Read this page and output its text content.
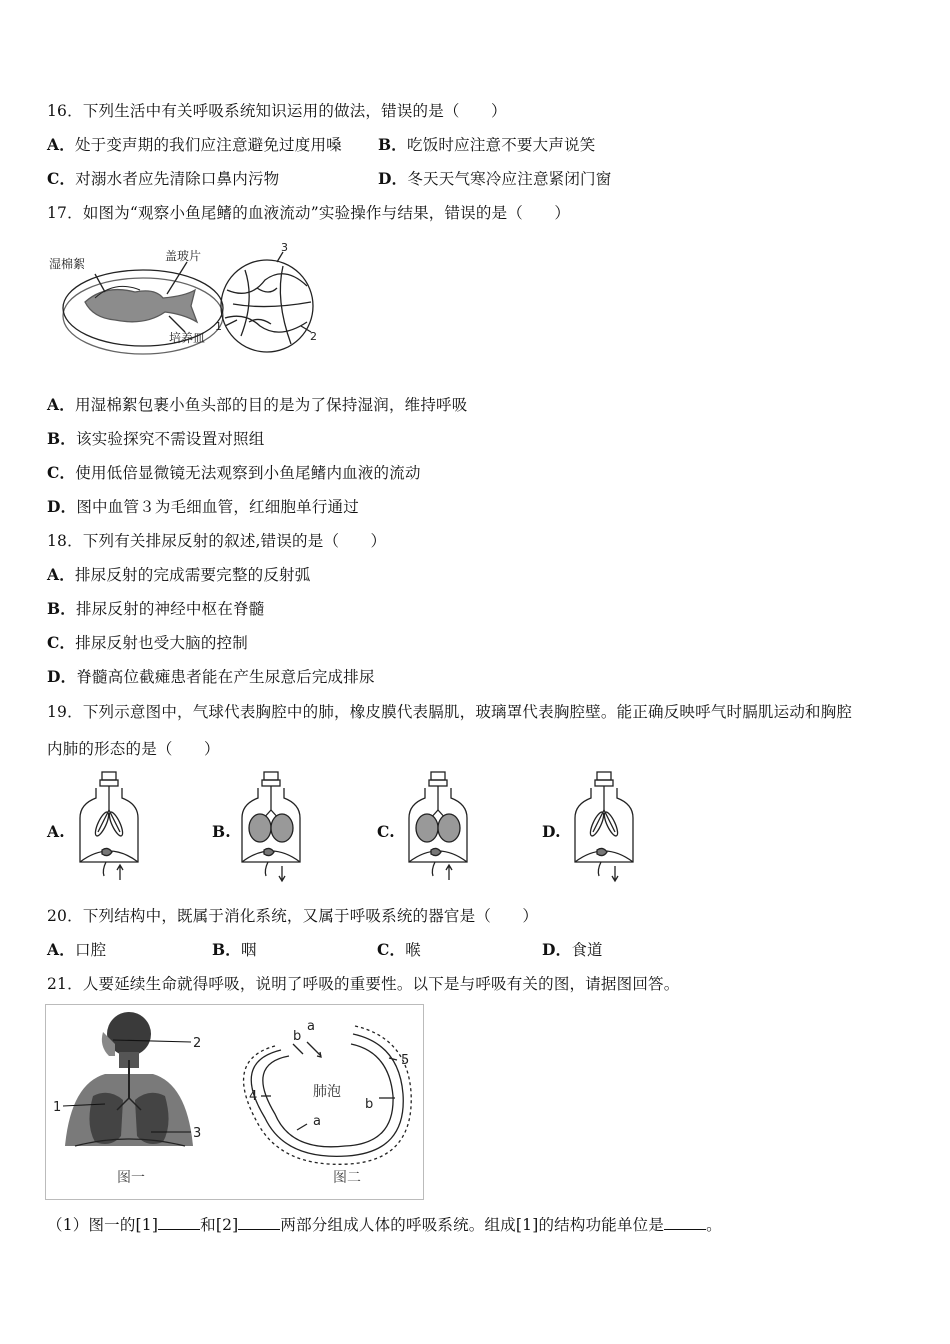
16．下列生活中有关呼吸系统知识运用的做法，错误的是（　　）
A．处于变声期的我们应注意避免过度用嗓 B．吃饭时应注意不要大声说笑
C．对溺水者应先清除口鼻内污物	D．冬天天气寒冷应注意紧闭门窗
17．如图为“观察小鱼尾鳍的血液流动”实验操作与结果，错误的是（　　）
湿棉絮
盖玻片
培养皿
3
1
2
A．用湿棉絮包裹小鱼头部的目的是为了保持湿润，维持呼吸
B．该实验探究不需设置对照组
C．使用低倍显微镜无法观察到小鱼尾鳍内血液的流动
D．图中血管３为毛细血管，红细胞单行通过
18．下列有关排尿反射的叙述,错误的是（　　）
A．排尿反射的完成需要完整的反射弧
B．排尿反射的神经中枢在脊髓
C．排尿反射也受大脑的控制
D．脊髓高位截瘫患者能在产生尿意后完成排尿
19．下列示意图中，气球代表胸腔中的肺，橡皮膜代表膈肌，玻璃罩代表胸腔壁。能正确反映呼气时膈肌运动和胸腔
内肺的形态的是（　　）
A.	B.	C.	D.
20．下列结构中，既属于消化系统，又属于呼吸系统的器官是（　　）
A．口腔	B．咽	C．喉	D．食道
21．人要延续生命就得呼吸，说明了呼吸的重要性。以下是与呼吸有关的图，请据图回答。
2
1
3
图一
a
b
5
4	肺泡
b
a
图二
（1）图一的[1]	和[2]	两部分组成人体的呼吸系统。组成[1]的结构功能单位是	。
